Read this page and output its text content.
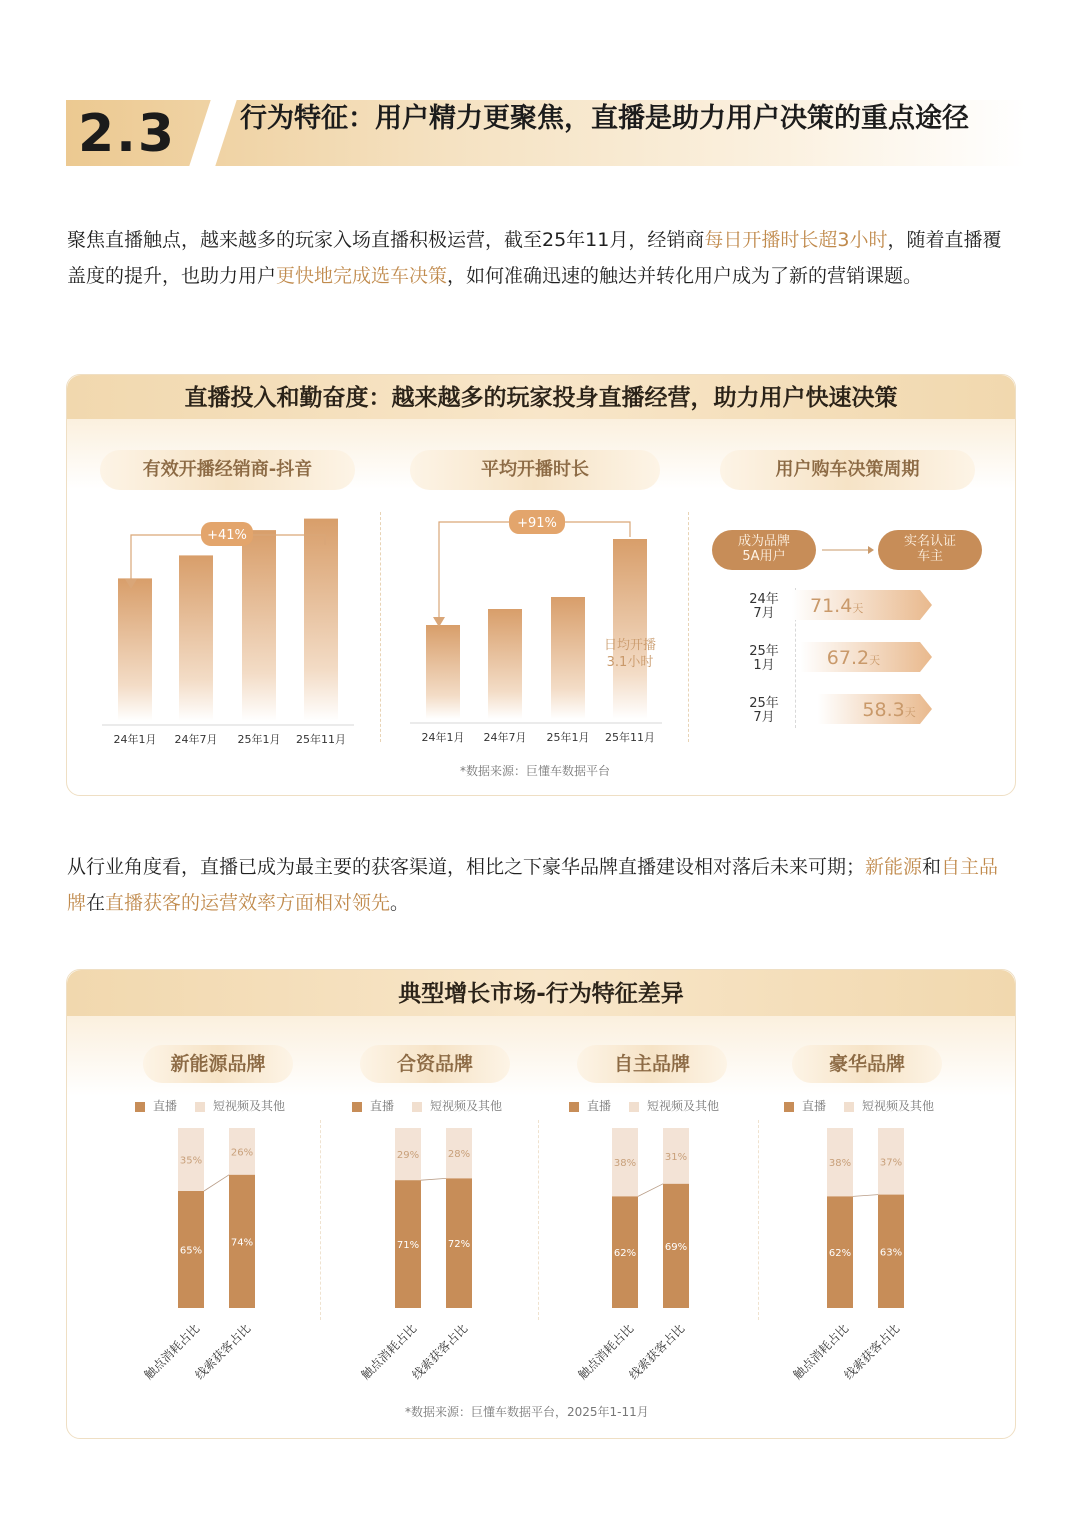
2.3 行为特征：用户精力更聚焦，直播是助力用户决策的重点途径
聚焦直播触点，越来越多的玩家入场直播积极运营，截至25年11月，经销商每日开播时长超3小时，随着直播覆盖度的提升，也助力用户更快地完成选车决策，如何准确迅速的触达并转化用户成为了新的营销课题。
直播投入和勤奋度：越来越多的玩家投身直播经营，助力用户快速决策
有效开播经销商-抖音	平均开播时长	用户购车决策周期
+41%
24年1月 24年7月 25年1月 25年11月
+91%
日均开播
3.1小时
24年1月 24年7月 25年1月 25年11月
成为品牌
5A用户
实名认证
车主
24年
7月 71.4天
25年
1月	67.2天
25年
7月	58.3天
*数据来源：巨懂车数据平台
从行业角度看，直播已成为最主要的获客渠道，相比之下豪华品牌直播建设相对落后未来可期；新能源和自主品牌在直播获客的运营效率方面相对领先。
典型增长市场-行为特征差异
新能源品牌
直播	短视频及其他
65%
35%
74%
26%
触点消耗占比
线索获客占比
合资品牌
直播	短视频及其他
71%
29%
72%
28%
触点消耗占比
线索获客占比
自主品牌
直播	短视频及其他
62%
38%
69%
31%
触点消耗占比
线索获客占比
豪华品牌
直播	短视频及其他
62%
38%
63%
37%
触点消耗占比
线索获客占比
*数据来源：巨懂车数据平台，2025年1-11月
